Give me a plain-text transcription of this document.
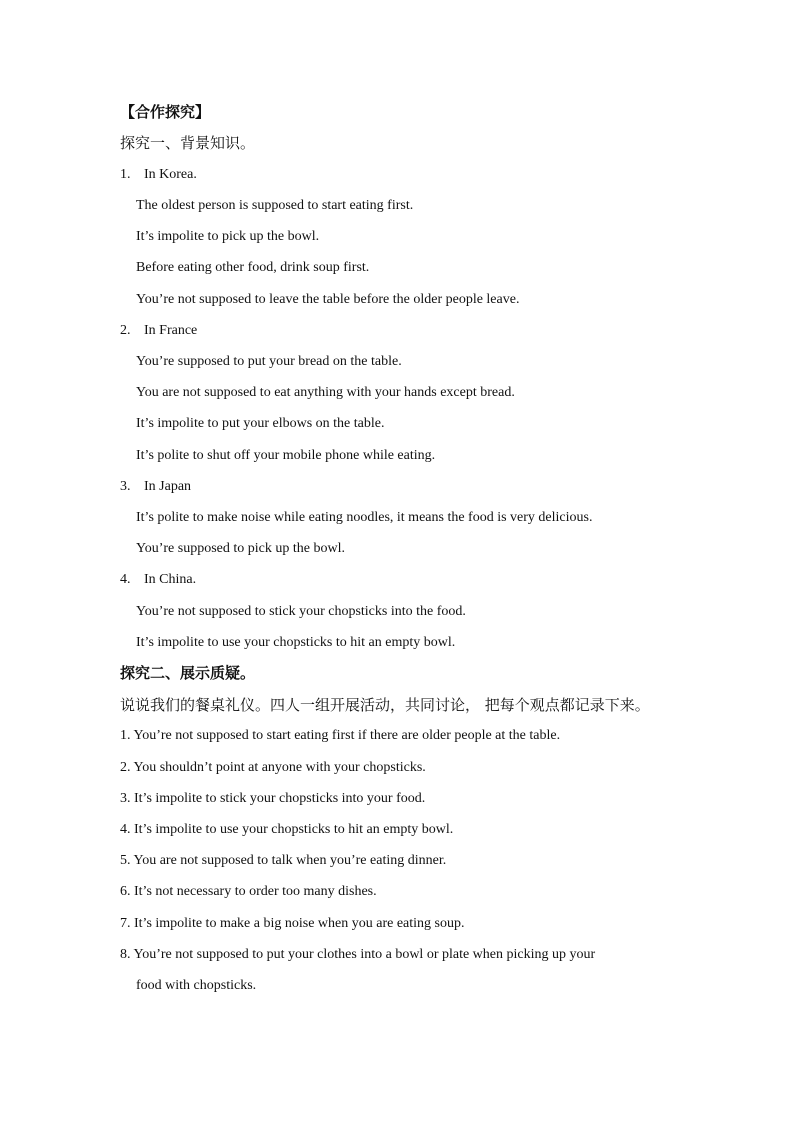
【合作探究】
探究一、背景知识。
1. In Korea.
The oldest person is supposed to start eating first.
It’s impolite to pick up the bowl.
Before eating other food, drink soup first.
You’re not supposed to leave the table before the older people leave.
2. In France
You’re supposed to put your bread on the table.
You are not supposed to eat anything with your hands except bread.
It’s impolite to put your elbows on the table.
It’s polite to shut off your mobile phone while eating.
3. In Japan
It’s polite to make noise while eating noodles, it means the food is very delicious.
You’re supposed to pick up the bowl.
4. In China.
You’re not supposed to stick your chopsticks into the food.
It’s impolite to use your chopsticks to hit an empty bowl.
探究二、展示质疑。
说说我们的餐桌礼仪。四人一组开展活动，共同讨论， 把每个观点都记录下来。
1. You’re not supposed to start eating first if there are older people at the table.
2. You shouldn’t point at anyone with your chopsticks.
3. It’s impolite to stick your chopsticks into your food.
4. It’s impolite to use your chopsticks to hit an empty bowl.
5. You are not supposed to talk when you’re eating dinner.
6. It’s not necessary to order too many dishes.
7. It’s impolite to make a big noise when you are eating soup.
8. You’re not supposed to put your clothes into a bowl or plate when picking up your
food with chopsticks.
